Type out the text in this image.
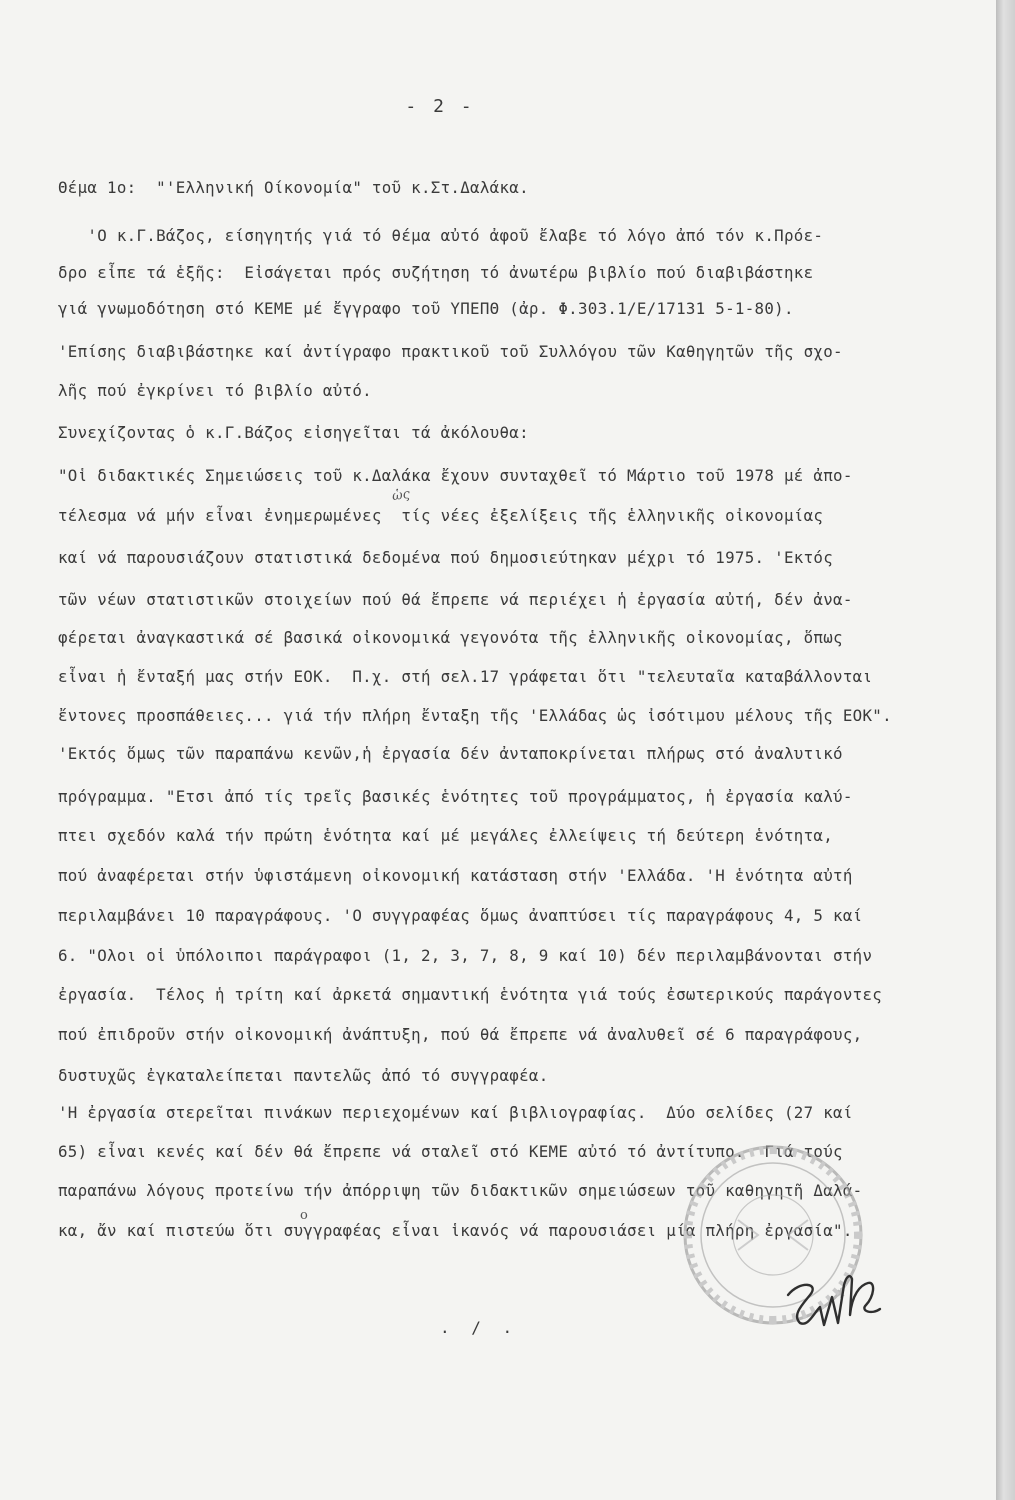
- 2 -
Θέμα 1ο:  "'Ελληνική Οίκονομία" τοῦ κ.Στ.Δαλάκα.
'Ο κ.Γ.Βάζος, είσηγητής γιά τό θέμα αὐτό ἀφοῦ ἔλαβε τό λόγο ἀπό τόν κ.Πρόε-
δρο εἶπε τά ἑξῆς:  Εἰσάγεται πρός συζήτηση τό ἀνωτέρω βιβλίο πού διαβιβάστηκε
γιά γνωμοδότηση στό ΚΕΜΕ μέ ἔγγραφο τοῦ ΥΠΕΠΘ (ἀρ. Φ.303.1/Ε/17131 5-1-80).
'Επίσης διαβιβάστηκε καί ἀντίγραφο πρακτικοῦ τοῦ Συλλόγου τῶν Καθηγητῶν τῆς σχο-
λῆς πού ἐγκρίνει τό βιβλίο αὐτό.
Συνεχίζοντας ὁ κ.Γ.Βάζος εἰσηγεῖται τά ἀκόλουθα:
"Οἱ διδακτικές Σημειώσεις τοῦ κ.Δαλάκα ἔχουν συνταχθεῖ τό Μάρτιο τοῦ 1978 μέ ἀπο-
τέλεσμα νά μήν εἶναι ἐνημερωμένες  τίς νέες ἐξελίξεις τῆς ἑλληνικῆς οἰκονομίας
καί νά παρουσιάζουν στατιστικά δεδομένα πού δημοσιεύτηκαν μέχρι τό 1975. 'Εκτός
τῶν νέων στατιστικῶν στοιχείων πού θά ἔπρεπε νά περιέχει ἡ ἐργασία αὐτή, δέν ἀνα-
φέρεται ἀναγκαστικά σέ βασικά οἰκονομικά γεγονότα τῆς ἑλληνικῆς οἰκονομίας, ὅπως
εἶναι ἡ ἔνταξή μας στήν ΕΟΚ.  Π.χ. στή σελ.17 γράφεται ὅτι "τελευταῖα καταβάλλονται
ἔντονες προσπάθειες... γιά τήν πλήρη ἔνταξη τῆς 'Ελλάδας ὡς ἰσότιμου μέλους τῆς ΕΟΚ".
'Εκτός ὅμως τῶν παραπάνω κενῶν,ἡ ἐργασία δέν ἀνταποκρίνεται πλήρως στό ἀναλυτικό
πρόγραμμα. "Ετσι ἀπό τίς τρεῖς βασικές ἑνότητες τοῦ προγράμματος, ἡ ἐργασία καλύ-
πτει σχεδόν καλά τήν πρώτη ἑνότητα καί μέ μεγάλες ἐλλείψεις τή δεύτερη ἑνότητα,
πού ἀναφέρεται στήν ὑφιστάμενη οἰκονομική κατάσταση στήν 'Ελλάδα. 'Η ἑνότητα αὐτή
περιλαμβάνει 10 παραγράφους. 'Ο συγγραφέας ὅμως ἀναπτύσει τίς παραγράφους 4, 5 καί
6. "Ολοι οἱ ὑπόλοιποι παράγραφοι (1, 2, 3, 7, 8, 9 καί 10) δέν περιλαμβάνονται στήν
ἐργασία.  Τέλος ἡ τρίτη καί ἀρκετά σημαντική ἑνότητα γιά τούς ἐσωτερικούς παράγοντες
πού ἐπιδροῦν στήν οἰκονομική ἀνάπτυξη, πού θά ἔπρεπε νά ἀναλυθεῖ σέ 6 παραγράφους,
δυστυχῶς ἐγκαταλείπεται παντελῶς ἀπό τό συγγραφέα.
'Η ἐργασία στερεῖται πινάκων περιεχομένων καί βιβλιογραφίας.  Δύο σελίδες (27 καί
65) εἶναι κενές καί δέν θά ἔπρεπε νά σταλεῖ στό ΚΕΜΕ αὐτό τό ἀντίτυπο.  Γιά τούς
παραπάνω λόγους προτείνω τήν ἀπόρριψη τῶν διδακτικῶν σημειώσεων τοῦ καθηγητῆ Δαλά-
κα, ἄν καί πιστεύω ὅτι συγγραφέας εἶναι ἱκανός νά παρουσιάσει μία πλήρη ἐργασία".
ὡς
ο
. / .
